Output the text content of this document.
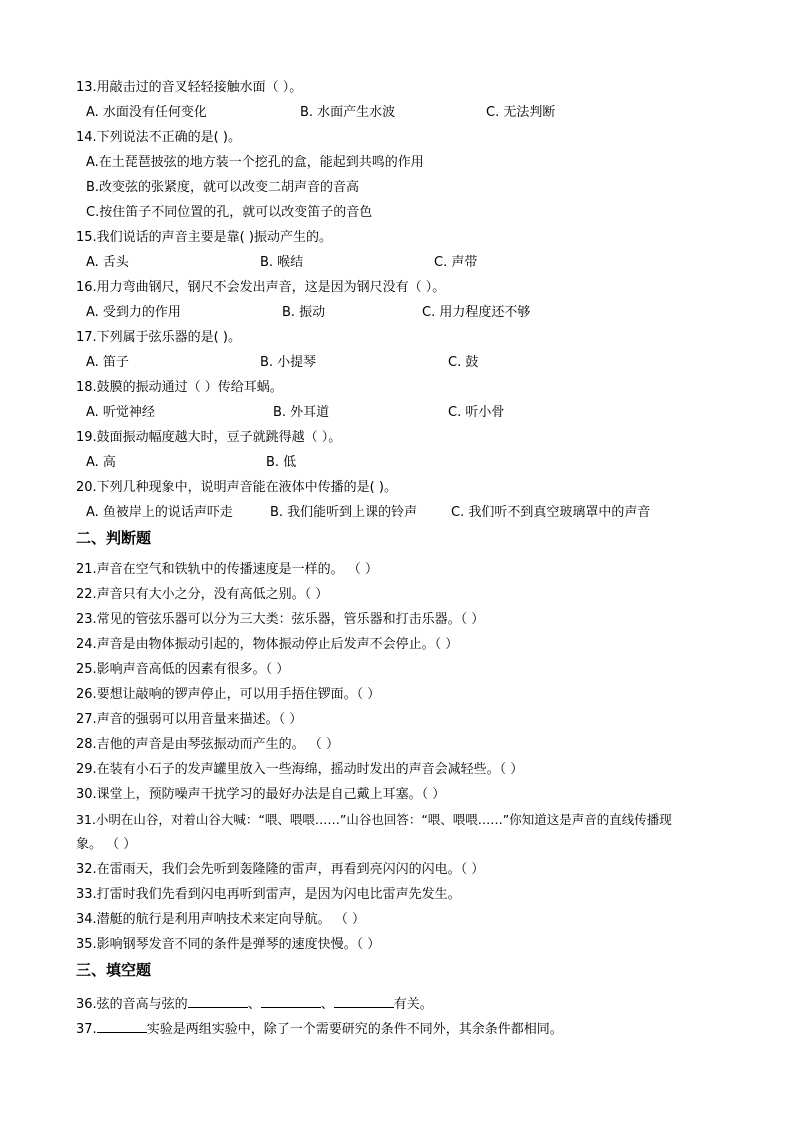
13.用敲击过的音叉轻轻接触水面（ ）。
A. 水面没有任何变化	B. 水面产生水波	C. 无法判断
14.下列说法不正确的是( )。
A.在土琵琶披弦的地方装一个挖孔的盒，能起到共鸣的作用
B.改变弦的张紧度，就可以改变二胡声音的音高
C.按住笛子不同位置的孔，就可以改变笛子的音色
15.我们说话的声音主要是靠( )振动产生的。
A. 舌头	B. 喉结	C. 声带
16.用力弯曲钢尺，钢尺不会发出声音，这是因为钢尺没有（ ）。
A. 受到力的作用	B. 振动	C. 用力程度还不够
17.下列属于弦乐器的是( )。
A. 笛子	B. 小提琴	C. 鼓
18.鼓膜的振动通过（ ）传给耳蜗。
A. 听觉神经	B. 外耳道	C. 听小骨
19.鼓面振动幅度越大时，豆子就跳得越（ ）。
A. 高	B. 低
20.下列几种现象中，说明声音能在液体中传播的是( )。
A. 鱼被岸上的说话声吓走	B. 我们能听到上课的铃声	C. 我们听不到真空玻璃罩中的声音
二、判断题
21.声音在空气和铁轨中的传播速度是一样的。 （ ）
22.声音只有大小之分，没有高低之别。（ ）
23.常见的管弦乐器可以分为三大类：弦乐器，管乐器和打击乐器。（ ）
24.声音是由物体振动引起的，物体振动停止后发声不会停止。（ ）
25.影响声音高低的因素有很多。（ ）
26.要想让敲响的锣声停止，可以用手捂住锣面。（ ）
27.声音的强弱可以用音量来描述。（ ）
28.吉他的声音是由琴弦振动而产生的。 （ ）
29.在装有小石子的发声罐里放入一些海绵，摇动时发出的声音会减轻些。（ ）
30.课堂上，预防噪声干扰学习的最好办法是自己戴上耳塞。（ ）
31.小明在山谷，对着山谷大喊：“喂、喂喂……”山谷也回答：“喂、喂喂……”你知道这是声音的直线传播现
象。 （ ）
32.在雷雨天，我们会先听到轰隆隆的雷声，再看到亮闪闪的闪电。（ ）
33.打雷时我们先看到闪电再听到雷声，是因为闪电比雷声先发生。
34.潜艇的航行是利用声呐技术来定向导航。 （ ）
35.影响钢琴发音不同的条件是弹琴的速度快慢。（ ）
三、填空题
36.弦的音高与弦的	、	、	有关。
37.	实验是两组实验中，除了一个需要研究的条件不同外，其余条件都相同。
